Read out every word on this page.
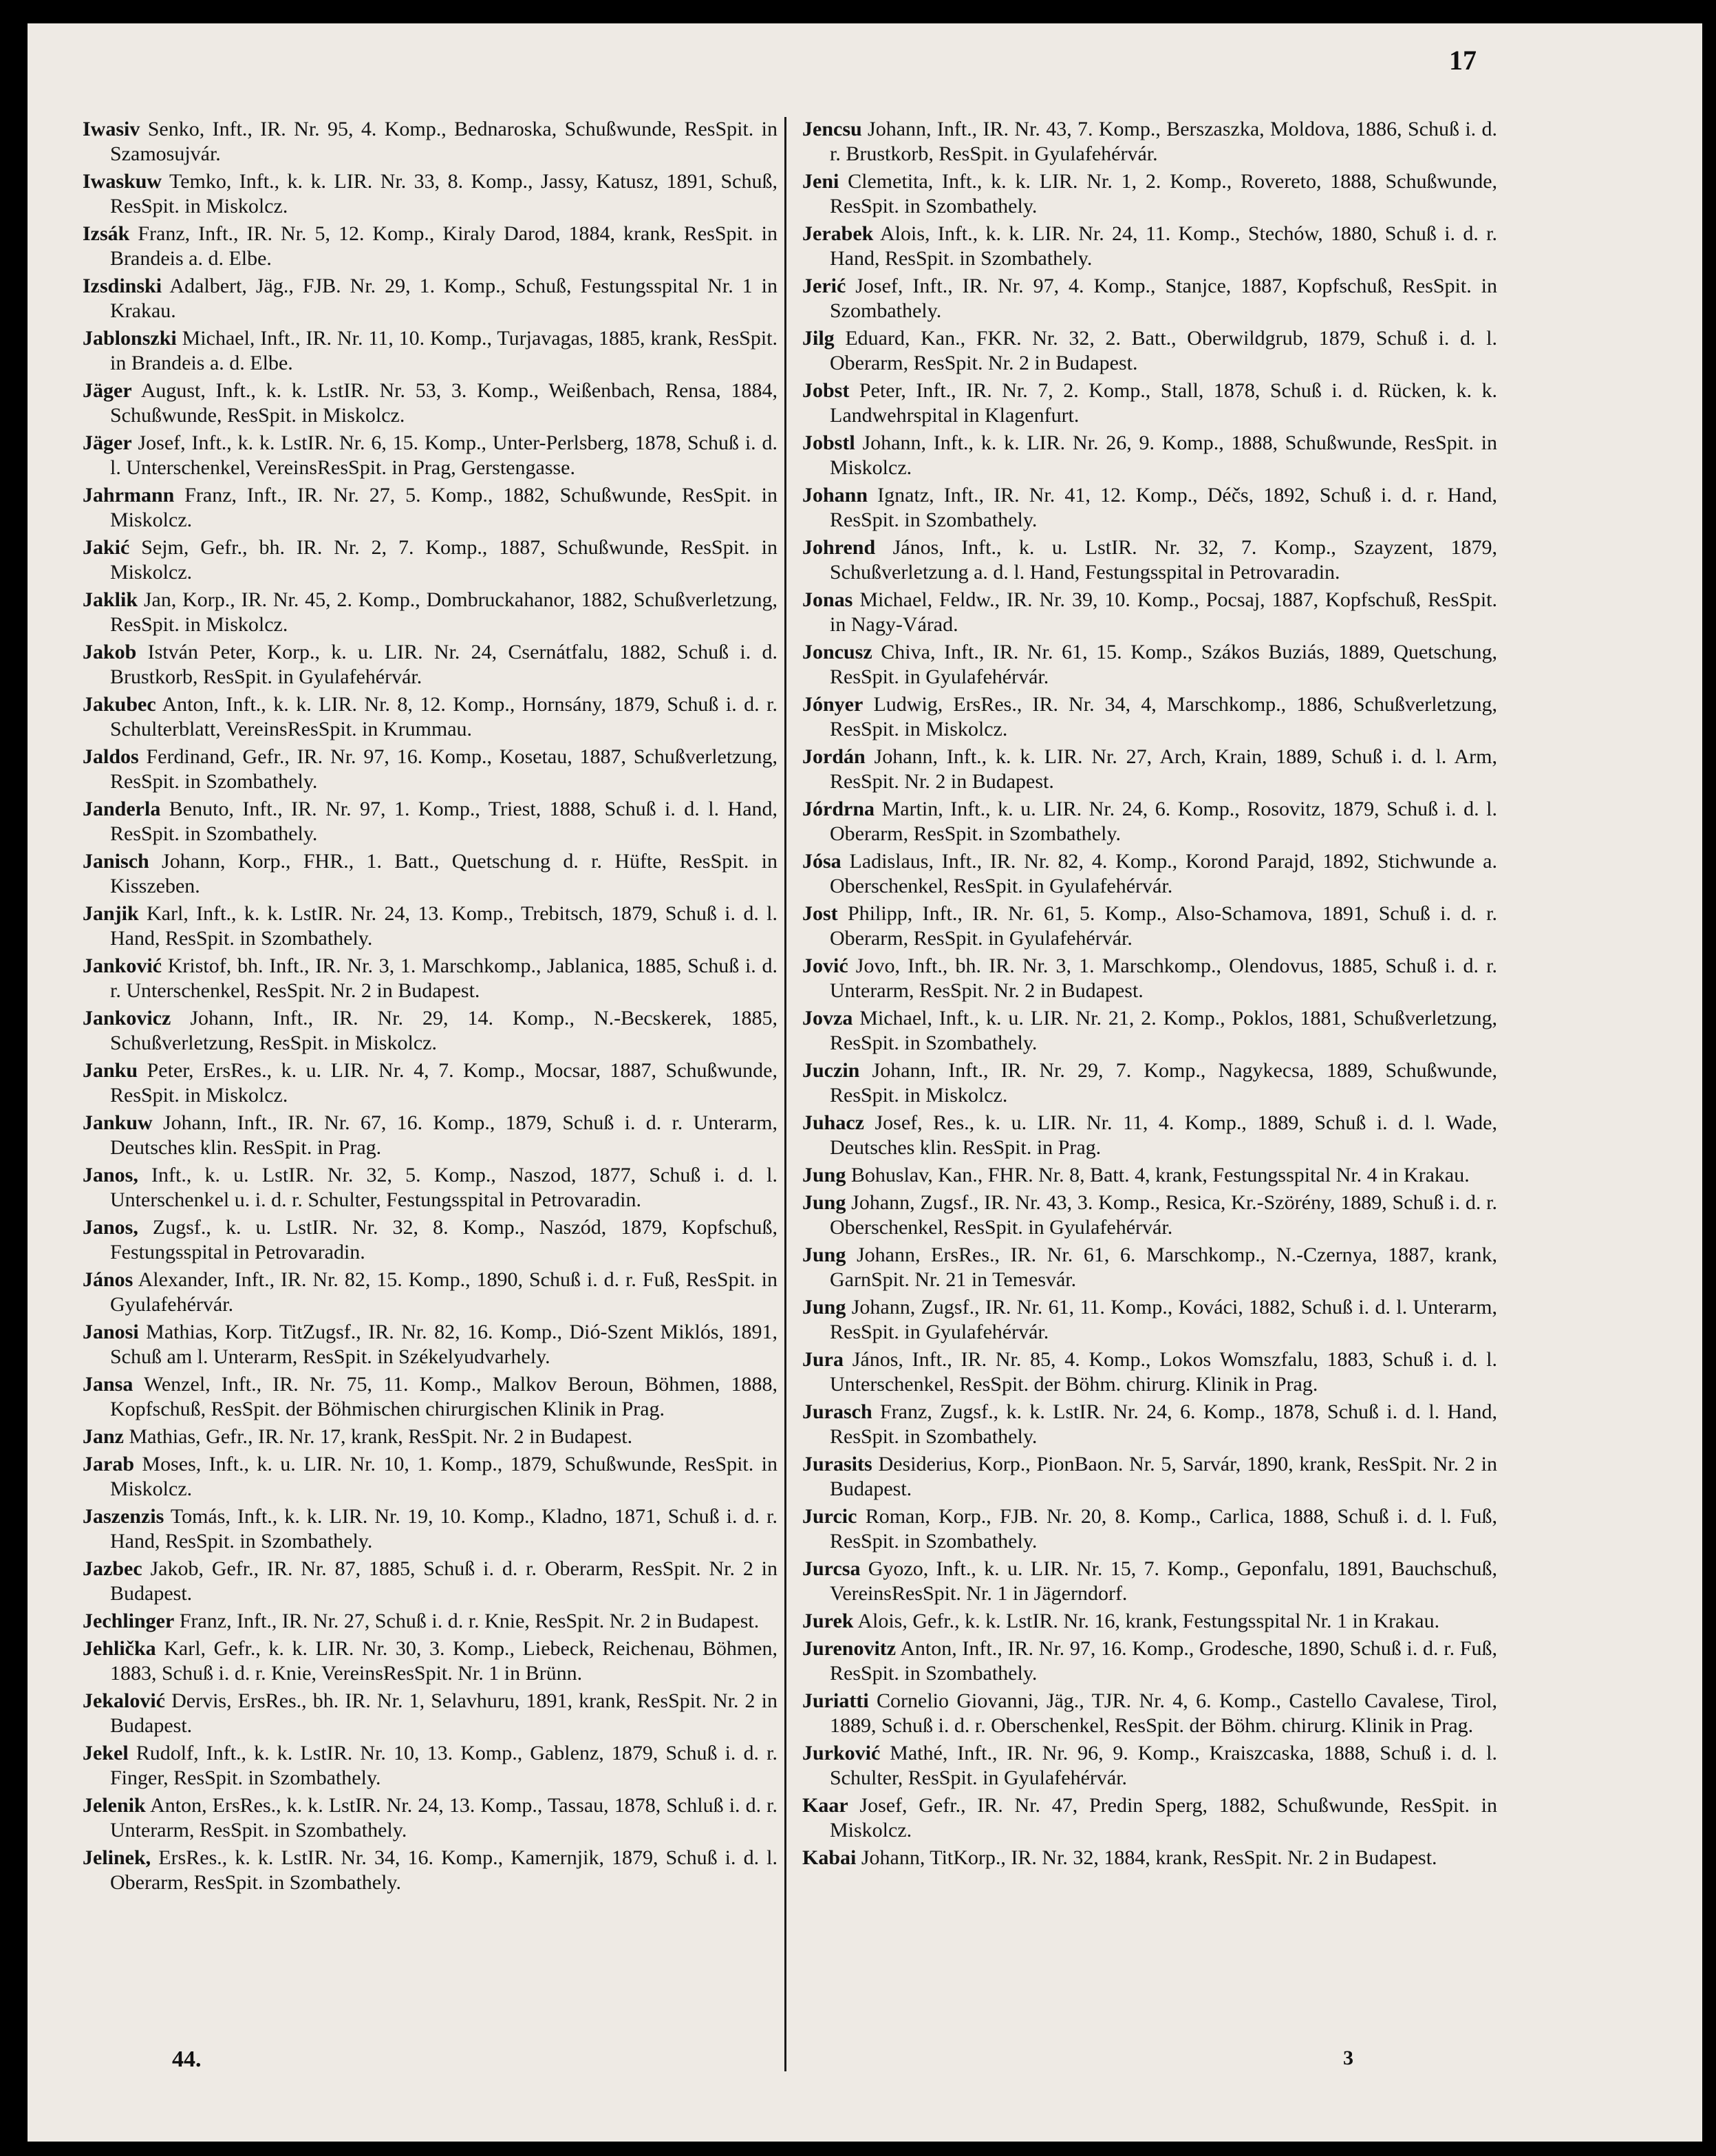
17
Iwasiv Senko, Inft., IR. Nr. 95, 4. Komp., Bednaroska, Schußwunde, ResSpit. in Szamosujvár.
Iwaskuw Temko, Inft., k. k. LIR. Nr. 33, 8. Komp., Jassy, Katusz, 1891, Schuß, ResSpit. in Miskolcz.
Izsák Franz, Inft., IR. Nr. 5, 12. Komp., Kiraly Darod, 1884, krank, ResSpit. in Brandeis a. d. Elbe.
Izsdinski Adalbert, Jäg., FJB. Nr. 29, 1. Komp., Schuß, Festungsspital Nr. 1 in Krakau.
Jablonszki Michael, Inft., IR. Nr. 11, 10. Komp., Turjavagas, 1885, krank, ResSpit. in Brandeis a. d. Elbe.
Jäger August, Inft., k. k. LstIR. Nr. 53, 3. Komp., Weißenbach, Rensa, 1884, Schußwunde, ResSpit. in Miskolcz.
Jäger Josef, Inft., k. k. LstIR. Nr. 6, 15. Komp., Unter-Perlsberg, 1878, Schuß i. d. l. Unterschenkel, VereinsResSpit. in Prag, Gerstengasse.
Jahrmann Franz, Inft., IR. Nr. 27, 5. Komp., 1882, Schußwunde, ResSpit. in Miskolcz.
Jakić Sejm, Gefr., bh. IR. Nr. 2, 7. Komp., 1887, Schußwunde, ResSpit. in Miskolcz.
Jaklik Jan, Korp., IR. Nr. 45, 2. Komp., Dombruckahanor, 1882, Schußverletzung, ResSpit. in Miskolcz.
Jakob István Peter, Korp., k. u. LIR. Nr. 24, Csernátfalu, 1882, Schuß i. d. Brustkorb, ResSpit. in Gyulafehérvár.
Jakubec Anton, Inft., k. k. LIR. Nr. 8, 12. Komp., Hornsány, 1879, Schuß i. d. r. Schulterblatt, VereinsResSpit. in Krummau.
Jaldos Ferdinand, Gefr., IR. Nr. 97, 16. Komp., Kosetau, 1887, Schußverletzung, ResSpit. in Szombathely.
Janderla Benuto, Inft., IR. Nr. 97, 1. Komp., Triest, 1888, Schuß i. d. l. Hand, ResSpit. in Szombathely.
Janisch Johann, Korp., FHR., 1. Batt., Quetschung d. r. Hüfte, ResSpit. in Kisszeben.
Janjik Karl, Inft., k. k. LstIR. Nr. 24, 13. Komp., Trebitsch, 1879, Schuß i. d. l. Hand, ResSpit. in Szombathely.
Janković Kristof, bh. Inft., IR. Nr. 3, 1. Marschkomp., Jablanica, 1885, Schuß i. d. r. Unterschenkel, ResSpit. Nr. 2 in Budapest.
Jankovicz Johann, Inft., IR. Nr. 29, 14. Komp., N.-Becskerek, 1885, Schußverletzung, ResSpit. in Miskolcz.
Janku Peter, ErsRes., k. u. LIR. Nr. 4, 7. Komp., Mocsar, 1887, Schußwunde, ResSpit. in Miskolcz.
Jankuw Johann, Inft., IR. Nr. 67, 16. Komp., 1879, Schuß i. d. r. Unterarm, Deutsches klin. ResSpit. in Prag.
Janos, Inft., k. u. LstIR. Nr. 32, 5. Komp., Naszod, 1877, Schuß i. d. l. Unterschenkel u. i. d. r. Schulter, Festungsspital in Petrovaradin.
Janos, Zugsf., k. u. LstIR. Nr. 32, 8. Komp., Naszód, 1879, Kopfschuß, Festungsspital in Petrovaradin.
János Alexander, Inft., IR. Nr. 82, 15. Komp., 1890, Schuß i. d. r. Fuß, ResSpit. in Gyulafehérvár.
Janosi Mathias, Korp. TitZugsf., IR. Nr. 82, 16. Komp., Dió-Szent Miklós, 1891, Schuß am l. Unterarm, ResSpit. in Székelyudvarhely.
Jansa Wenzel, Inft., IR. Nr. 75, 11. Komp., Malkov Beroun, Böhmen, 1888, Kopfschuß, ResSpit. der Böhmischen chirurgischen Klinik in Prag.
Janz Mathias, Gefr., IR. Nr. 17, krank, ResSpit. Nr. 2 in Budapest.
Jarab Moses, Inft., k. u. LIR. Nr. 10, 1. Komp., 1879, Schußwunde, ResSpit. in Miskolcz.
Jaszenzis Tomás, Inft., k. k. LIR. Nr. 19, 10. Komp., Kladno, 1871, Schuß i. d. r. Hand, ResSpit. in Szombathely.
Jazbec Jakob, Gefr., IR. Nr. 87, 1885, Schuß i. d. r. Oberarm, ResSpit. Nr. 2 in Budapest.
Jechlinger Franz, Inft., IR. Nr. 27, Schuß i. d. r. Knie, ResSpit. Nr. 2 in Budapest.
Jehlička Karl, Gefr., k. k. LIR. Nr. 30, 3. Komp., Liebeck, Reichenau, Böhmen, 1883, Schuß i. d. r. Knie, VereinsResSpit. Nr. 1 in Brünn.
Jekalović Dervis, ErsRes., bh. IR. Nr. 1, Selavhuru, 1891, krank, ResSpit. Nr. 2 in Budapest.
Jekel Rudolf, Inft., k. k. LstIR. Nr. 10, 13. Komp., Gablenz, 1879, Schuß i. d. r. Finger, ResSpit. in Szombathely.
Jelenik Anton, ErsRes., k. k. LstIR. Nr. 24, 13. Komp., Tassau, 1878, Schluß i. d. r. Unterarm, ResSpit. in Szombathely.
Jelinek, ErsRes., k. k. LstIR. Nr. 34, 16. Komp., Kamernjik, 1879, Schuß i. d. l. Oberarm, ResSpit. in Szombathely.
Jencsu Johann, Inft., IR. Nr. 43, 7. Komp., Berszaszka, Moldova, 1886, Schuß i. d. r. Brustkorb, ResSpit. in Gyulafehérvár.
Jeni Clemetita, Inft., k. k. LIR. Nr. 1, 2. Komp., Rovereto, 1888, Schußwunde, ResSpit. in Szombathely.
Jerabek Alois, Inft., k. k. LIR. Nr. 24, 11. Komp., Stechów, 1880, Schuß i. d. r. Hand, ResSpit. in Szombathely.
Jerić Josef, Inft., IR. Nr. 97, 4. Komp., Stanjce, 1887, Kopfschuß, ResSpit. in Szombathely.
Jilg Eduard, Kan., FKR. Nr. 32, 2. Batt., Oberwildgrub, 1879, Schuß i. d. l. Oberarm, ResSpit. Nr. 2 in Budapest.
Jobst Peter, Inft., IR. Nr. 7, 2. Komp., Stall, 1878, Schuß i. d. Rücken, k. k. Landwehrspital in Klagenfurt.
Jobstl Johann, Inft., k. k. LIR. Nr. 26, 9. Komp., 1888, Schußwunde, ResSpit. in Miskolcz.
Johann Ignatz, Inft., IR. Nr. 41, 12. Komp., Déčs, 1892, Schuß i. d. r. Hand, ResSpit. in Szombathely.
Johrend János, Inft., k. u. LstIR. Nr. 32, 7. Komp., Szayzent, 1879, Schußverletzung a. d. l. Hand, Festungsspital in Petrovaradin.
Jonas Michael, Feldw., IR. Nr. 39, 10. Komp., Pocsaj, 1887, Kopfschuß, ResSpit. in Nagy-Várad.
Joncusz Chiva, Inft., IR. Nr. 61, 15. Komp., Szákos Buziás, 1889, Quetschung, ResSpit. in Gyulafehérvár.
Jónyer Ludwig, ErsRes., IR. Nr. 34, 4, Marschkomp., 1886, Schußverletzung, ResSpit. in Miskolcz.
Jordán Johann, Inft., k. k. LIR. Nr. 27, Arch, Krain, 1889, Schuß i. d. l. Arm, ResSpit. Nr. 2 in Budapest.
Jórdrna Martin, Inft., k. u. LIR. Nr. 24, 6. Komp., Rosovitz, 1879, Schuß i. d. l. Oberarm, ResSpit. in Szombathely.
Jósa Ladislaus, Inft., IR. Nr. 82, 4. Komp., Korond Parajd, 1892, Stichwunde a. Oberschenkel, ResSpit. in Gyulafehérvár.
Jost Philipp, Inft., IR. Nr. 61, 5. Komp., Also-Schamova, 1891, Schuß i. d. r. Oberarm, ResSpit. in Gyulafehérvár.
Jović Jovo, Inft., bh. IR. Nr. 3, 1. Marschkomp., Olendovus, 1885, Schuß i. d. r. Unterarm, ResSpit. Nr. 2 in Budapest.
Jovza Michael, Inft., k. u. LIR. Nr. 21, 2. Komp., Poklos, 1881, Schußverletzung, ResSpit. in Szombathely.
Juczin Johann, Inft., IR. Nr. 29, 7. Komp., Nagykecsa, 1889, Schußwunde, ResSpit. in Miskolcz.
Juhacz Josef, Res., k. u. LIR. Nr. 11, 4. Komp., 1889, Schuß i. d. l. Wade, Deutsches klin. ResSpit. in Prag.
Jung Bohuslav, Kan., FHR. Nr. 8, Batt. 4, krank, Festungsspital Nr. 4 in Krakau.
Jung Johann, Zugsf., IR. Nr. 43, 3. Komp., Resica, Kr.-Szörény, 1889, Schuß i. d. r. Oberschenkel, ResSpit. in Gyulafehérvár.
Jung Johann, ErsRes., IR. Nr. 61, 6. Marschkomp., N.-Czernya, 1887, krank, GarnSpit. Nr. 21 in Temesvár.
Jung Johann, Zugsf., IR. Nr. 61, 11. Komp., Kováci, 1882, Schuß i. d. l. Unterarm, ResSpit. in Gyulafehérvár.
Jura János, Inft., IR. Nr. 85, 4. Komp., Lokos Womszfalu, 1883, Schuß i. d. l. Unterschenkel, ResSpit. der Böhm. chirurg. Klinik in Prag.
Jurasch Franz, Zugsf., k. k. LstIR. Nr. 24, 6. Komp., 1878, Schuß i. d. l. Hand, ResSpit. in Szombathely.
Jurasits Desiderius, Korp., PionBaon. Nr. 5, Sarvár, 1890, krank, ResSpit. Nr. 2 in Budapest.
Jurcic Roman, Korp., FJB. Nr. 20, 8. Komp., Carlica, 1888, Schuß i. d. l. Fuß, ResSpit. in Szombathely.
Jurcsa Gyozo, Inft., k. u. LIR. Nr. 15, 7. Komp., Geponfalu, 1891, Bauchschuß, VereinsResSpit. Nr. 1 in Jägerndorf.
Jurek Alois, Gefr., k. k. LstIR. Nr. 16, krank, Festungsspital Nr. 1 in Krakau.
Jurenovitz Anton, Inft., IR. Nr. 97, 16. Komp., Grodesche, 1890, Schuß i. d. r. Fuß, ResSpit. in Szombathely.
Juriatti Cornelio Giovanni, Jäg., TJR. Nr. 4, 6. Komp., Castello Cavalese, Tirol, 1889, Schuß i. d. r. Oberschenkel, ResSpit. der Böhm. chirurg. Klinik in Prag.
Jurković Mathé, Inft., IR. Nr. 96, 9. Komp., Kraiszcaska, 1888, Schuß i. d. l. Schulter, ResSpit. in Gyulafehérvár.
Kaar Josef, Gefr., IR. Nr. 47, Predin Sperg, 1882, Schußwunde, ResSpit. in Miskolcz.
Kabai Johann, TitKorp., IR. Nr. 32, 1884, krank, ResSpit. Nr. 2 in Budapest.
44.	3
